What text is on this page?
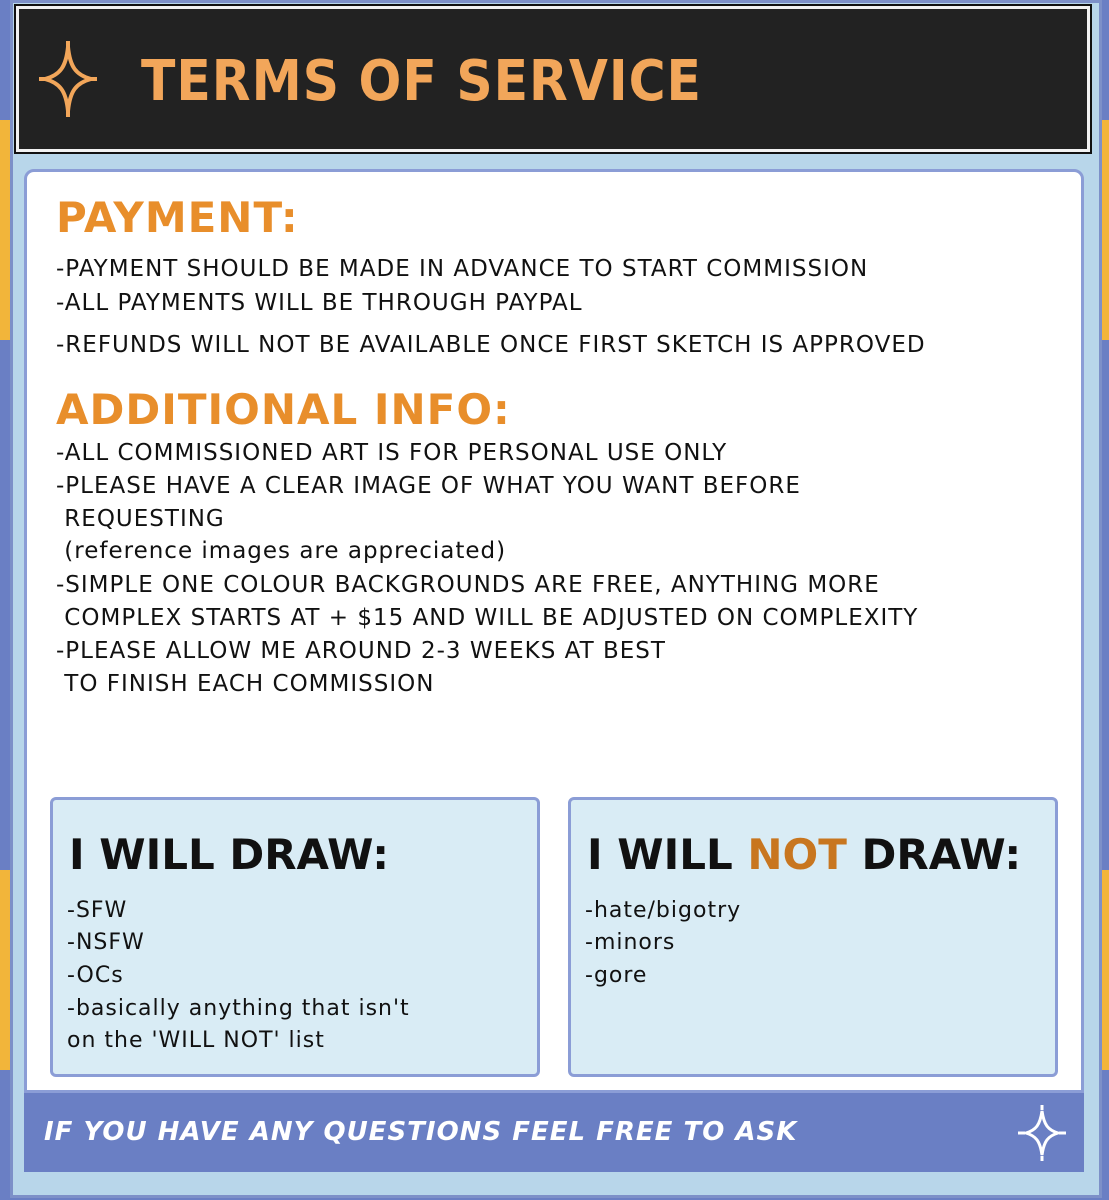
TERMS OF SERVICE
PAYMENT:
-PAYMENT SHOULD BE MADE IN ADVANCE TO START COMMISSION
-ALL PAYMENTS WILL BE THROUGH PAYPAL
-REFUNDS WILL NOT BE AVAILABLE ONCE FIRST SKETCH IS APPROVED
ADDITIONAL INFO:
-ALL COMMISSIONED ART IS FOR PERSONAL USE ONLY
-PLEASE HAVE A CLEAR IMAGE OF WHAT YOU WANT BEFORE
REQUESTING
(reference images are appreciated)
-SIMPLE ONE COLOUR BACKGROUNDS ARE FREE, ANYTHING MORE
COMPLEX STARTS AT + $15 AND WILL BE ADJUSTED ON COMPLEXITY
-PLEASE ALLOW ME AROUND 2-3 WEEKS AT BEST
TO FINISH EACH COMMISSION
I WILL DRAW:
-SFW
-NSFW
-OCs
-basically anything that isn't
on the 'WILL NOT' list
I WILL NOT DRAW:
-hate/bigotry
-minors
-gore
IF YOU HAVE ANY QUESTIONS FEEL FREE TO ASK
